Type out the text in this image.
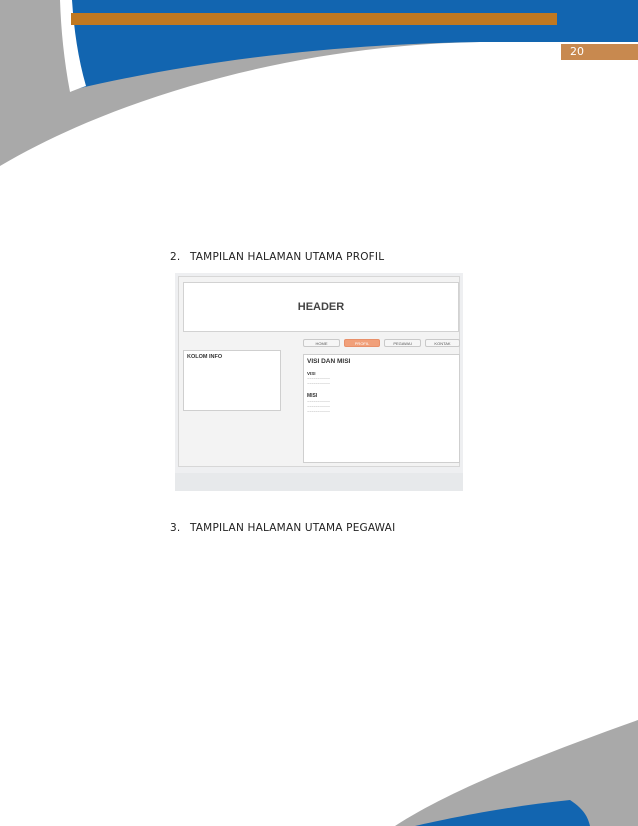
20
2. TAMPILAN HALAMAN UTAMA PROFIL
HEADER
HOME	PROFIL	PEGAWAI	KONTAK
KOLOM INFO
VISI DAN MISI
VISI
..................................
..................................
MISI
..................................
..................................
..................................
3. TAMPILAN HALAMAN UTAMA PEGAWAI
